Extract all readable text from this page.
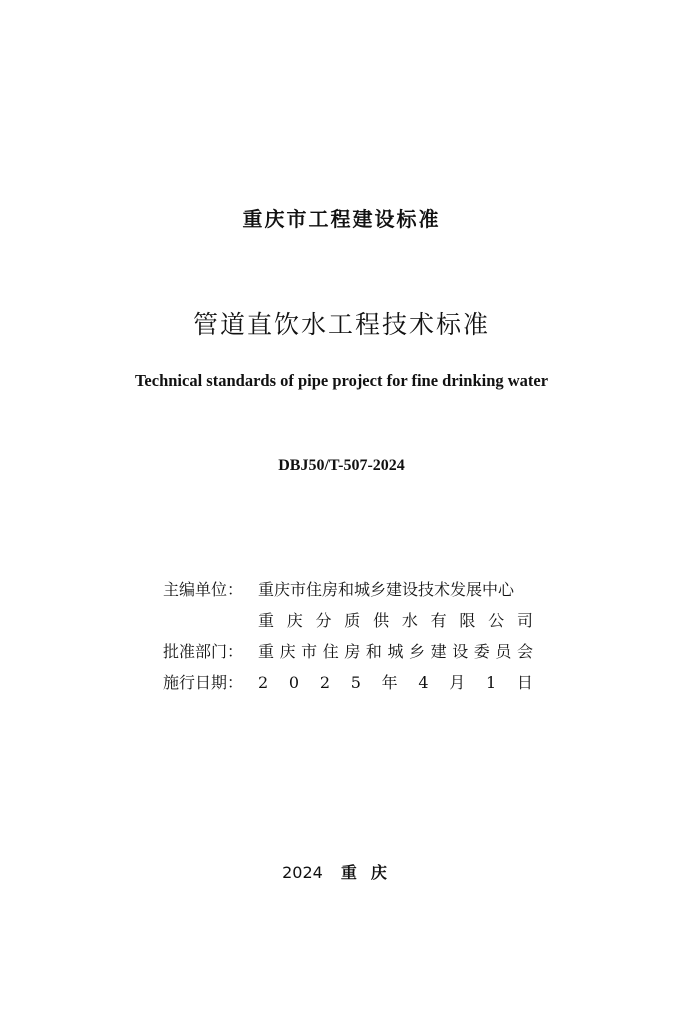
重庆市工程建设标准
管道直饮水工程技术标准
Technical standards of pipe project for fine drinking water
DBJ50/T-507-2024
主编单位： 重庆市住房和城乡建设技术发展中心
重 庆 分 质 供 水 有 限 公 司
批准部门： 重 庆 市 住 房 和 城 乡 建 设 委 员 会
施行日期： 2 0 2 5 年 4 月 1 日
2024 重庆
